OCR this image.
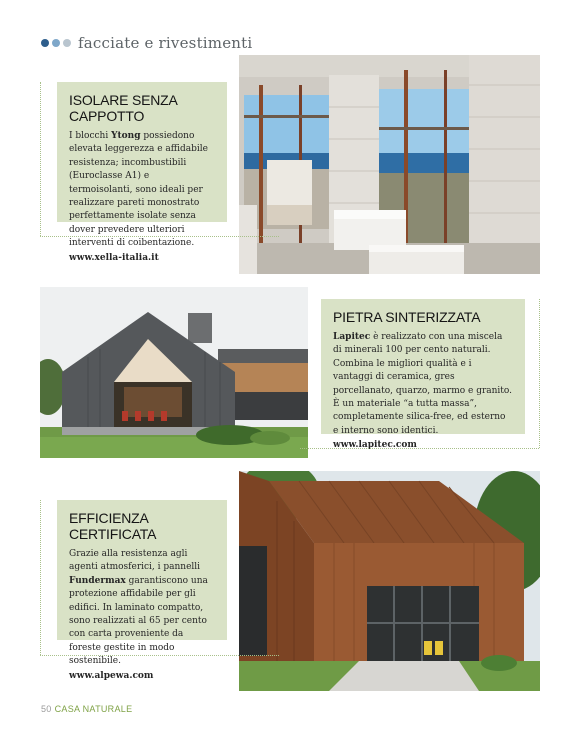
facciate e rivestimenti
ISOLARE SENZA CAPPOTTO

I blocchi Ytong possiedono elevata leggerezza e affidabile resistenza; incombustibili (Euroclasse A1) e termoisolanti, sono ideali per realizzare pareti monostrato perfettamente isolate senza dover prevedere ulteriori interventi di coibentazione.
www.xella-italia.it

PIETRA SINTERIZZATA

Lapitec è realizzato con una miscela di minerali 100 per cento naturali. Combina le migliori qualità e i vantaggi di ceramica, gres porcellanato, quarzo, marmo e granito. È un materiale “a tutta massa”, completamente silica-free, ed esterno e interno sono identici.
www.lapitec.com

EFFICIENZA CERTIFICATA

Grazie alla resistenza agli agenti atmosferici, i pannelli Fundermax garantiscono una protezione affidabile per gli edifici. In laminato compatto, sono realizzati al 65 per cento con carta proveniente da foreste gestite in modo sostenibile.
www.alpewa.com

50 CASA NATURALE
